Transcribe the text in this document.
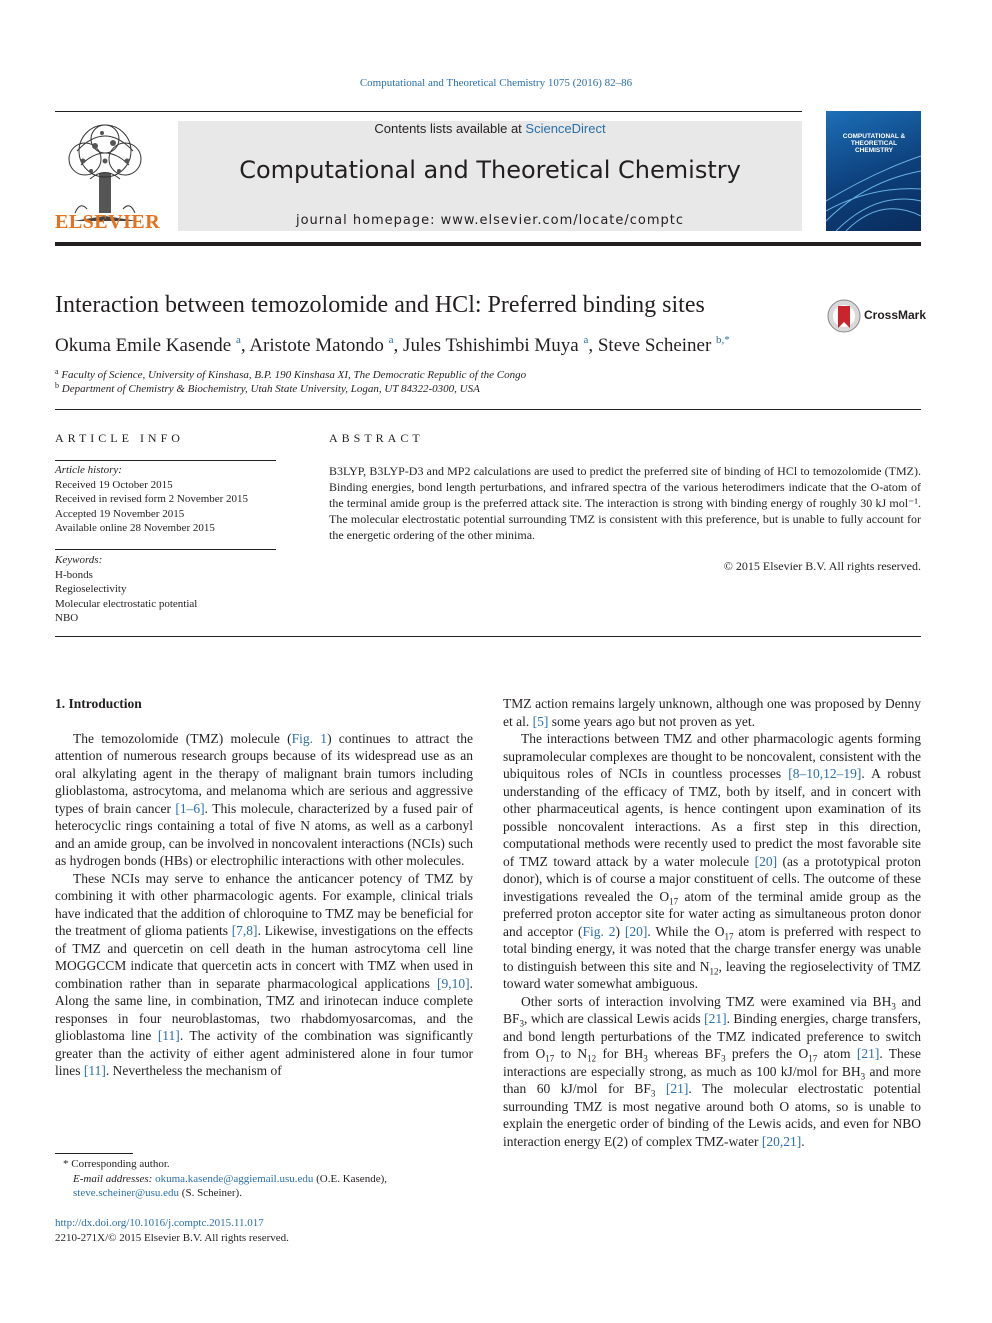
Computational and Theoretical Chemistry 1075 (2016) 82–86
Contents lists available at ScienceDirect
Computational and Theoretical Chemistry
journal homepage: www.elsevier.com/locate/comptc
ELSEVIER
COMPUTATIONAL & THEORETICAL CHEMISTRY
Interaction between temozolomide and HCl: Preferred binding sites	CrossMark
Okuma Emile Kasende $^a$, Aristote Matondo $^a$, Jules Tshishimbi Muya $^a$, Steve Scheiner $^{b,*}$
$^a$ Faculty of Science, University of Kinshasa, B.P. 190 Kinshasa XI, The Democratic Republic of the Congo
$^b$ Department of Chemistry & Biochemistry, Utah State University, Logan, UT 84322-0300, USA
ARTICLE INFO
Article history:
Received 19 October 2015
Received in revised form 2 November 2015
Accepted 19 November 2015
Available online 28 November 2015
Keywords:
H-bonds
Regioselectivity
Molecular electrostatic potential
NBO
ABSTRACT
B3LYP, B3LYP-D3 and MP2 calculations are used to predict the preferred site of binding of HCl to temozolomide (TMZ). Binding energies, bond length perturbations, and infrared spectra of the various heterodimers indicate that the O-atom of the terminal amide group is the preferred attack site. The interaction is strong with binding energy of roughly 30 kJ mol⁻¹. The molecular electrostatic potential surrounding TMZ is consistent with this preference, but is unable to fully account for the energetic ordering of the other minima.
© 2015 Elsevier B.V. All rights reserved.
1. Introduction

The temozolomide (TMZ) molecule (Fig. 1) continues to attract the attention of numerous research groups because of its widespread use as an oral alkylating agent in the therapy of malignant brain tumors including glioblastoma, astrocytoma, and melanoma which are serious and aggressive types of brain cancer [1–6]. This molecule, characterized by a fused pair of heterocyclic rings containing a total of five N atoms, as well as a carbonyl and an amide group, can be involved in noncovalent interactions (NCIs) such as hydrogen bonds (HBs) or electrophilic interactions with other molecules.

These NCIs may serve to enhance the anticancer potency of TMZ by combining it with other pharmacologic agents. For example, clinical trials have indicated that the addition of chloroquine to TMZ may be beneficial for the treatment of glioma patients [7,8]. Likewise, investigations on the effects of TMZ and quercetin on cell death in the human astrocytoma cell line MOGGCCM indicate that quercetin acts in concert with TMZ when used in combination rather than in separate pharmacological applications [9,10]. Along the same line, in combination, TMZ and irinotecan induce complete responses in four neuroblastomas, two rhabdomyosarcomas, and the glioblastoma line [11]. The activity of the combination was significantly greater than the activity of either agent administered alone in four tumor lines [11]. Nevertheless the mechanism of

* Corresponding author.
E-mail addresses: okuma.kasende@aggiemail.usu.edu (O.E. Kasende), steve.scheiner@usu.edu (S. Scheiner).
http://dx.doi.org/10.1016/j.comptc.2015.11.017
2210-271X/© 2015 Elsevier B.V. All rights reserved.

TMZ action remains largely unknown, although one was proposed by Denny et al. [5] some years ago but not proven as yet.

The interactions between TMZ and other pharmacologic agents forming supramolecular complexes are thought to be noncovalent, consistent with the ubiquitous roles of NCIs in countless processes [8–10,12–19]. A robust understanding of the efficacy of TMZ, both by itself, and in concert with other pharmaceutical agents, is hence contingent upon examination of its possible noncovalent interactions. As a first step in this direction, computational methods were recently used to predict the most favorable site of TMZ toward attack by a water molecule [20] (as a prototypical proton donor), which is of course a major constituent of cells. The outcome of these investigations revealed the $O_{17}$ atom of the terminal amide group as the preferred proton acceptor site for water acting as simultaneous proton donor and acceptor (Fig. 2) [20]. While the $O_{17}$ atom is preferred with respect to total binding energy, it was noted that the charge transfer energy was unable to distinguish between this site and $N_{12}$, leaving the regioselectivity of TMZ toward water somewhat ambiguous.

Other sorts of interaction involving TMZ were examined via $BH_3$ and $BF_3$, which are classical Lewis acids [21]. Binding energies, charge transfers, and bond length perturbations of the TMZ indicated preference to switch from $O_{17}$ to $N_{12}$ for $BH_3$ whereas $BF_3$ prefers the $O_{17}$ atom [21]. These interactions are especially strong, as much as 100 kJ/mol for $BH_3$ and more than 60 kJ/mol for $BF_3$ [21]. The molecular electrostatic potential surrounding TMZ is most negative around both O atoms, so is unable to explain the energetic order of binding of the Lewis acids, and even for NBO interaction energy E(2) of complex TMZ-water [20,21].
